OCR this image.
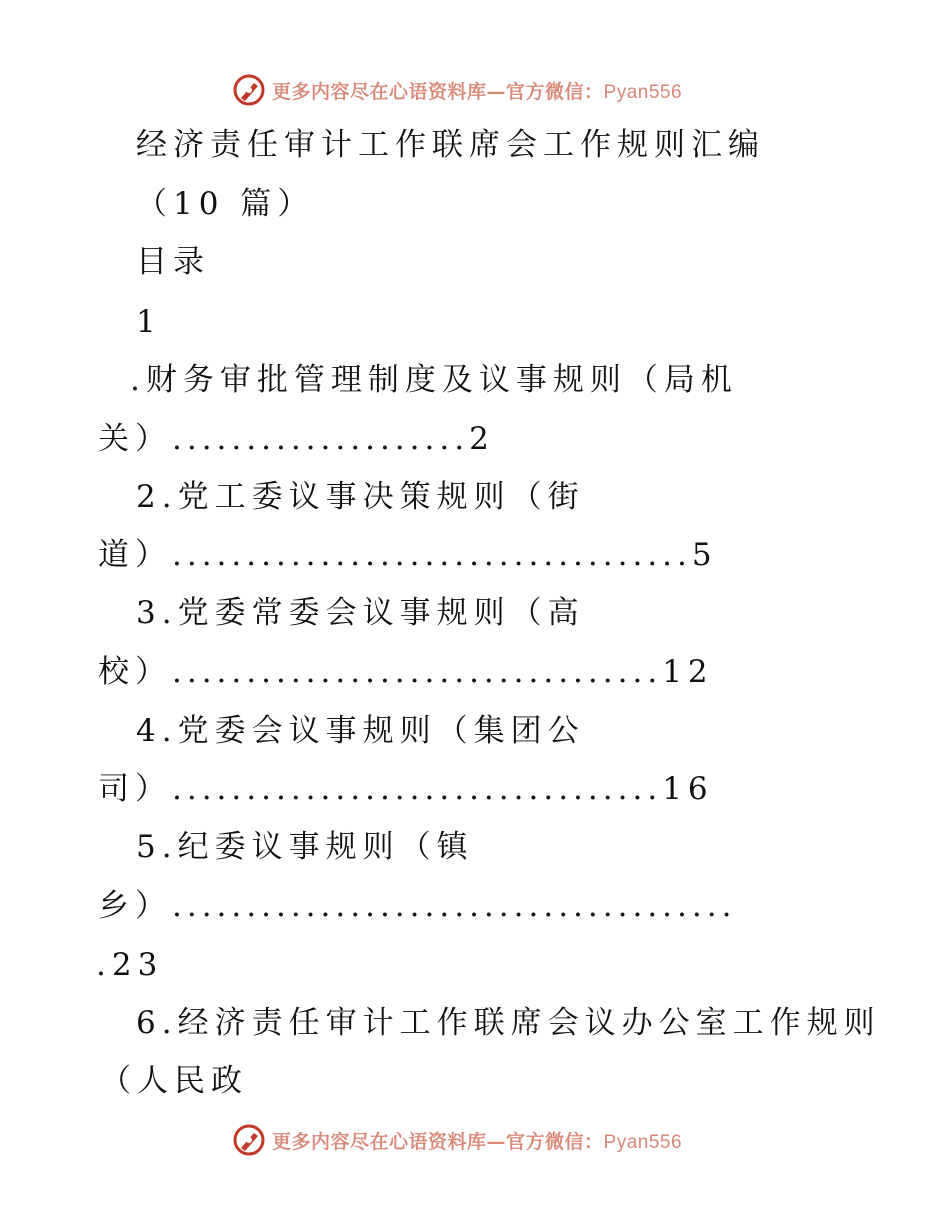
更多内容尽在心语资料库—官方微信：Pyan556
经济责任审计工作联席会工作规则汇编
（10 篇）
目录
1
.财务审批管理制度及议事规则（局机
关）....................2
2.党工委议事决策规则（街
道）...................................5
3.党委常委会议事规则（高
校）.................................12
4.党委会议事规则（集团公
司）.................................16
5.纪委议事规则（镇
乡）......................................
.23
6.经济责任审计工作联席会议办公室工作规则
（人民政
更多内容尽在心语资料库—官方微信：Pyan556
